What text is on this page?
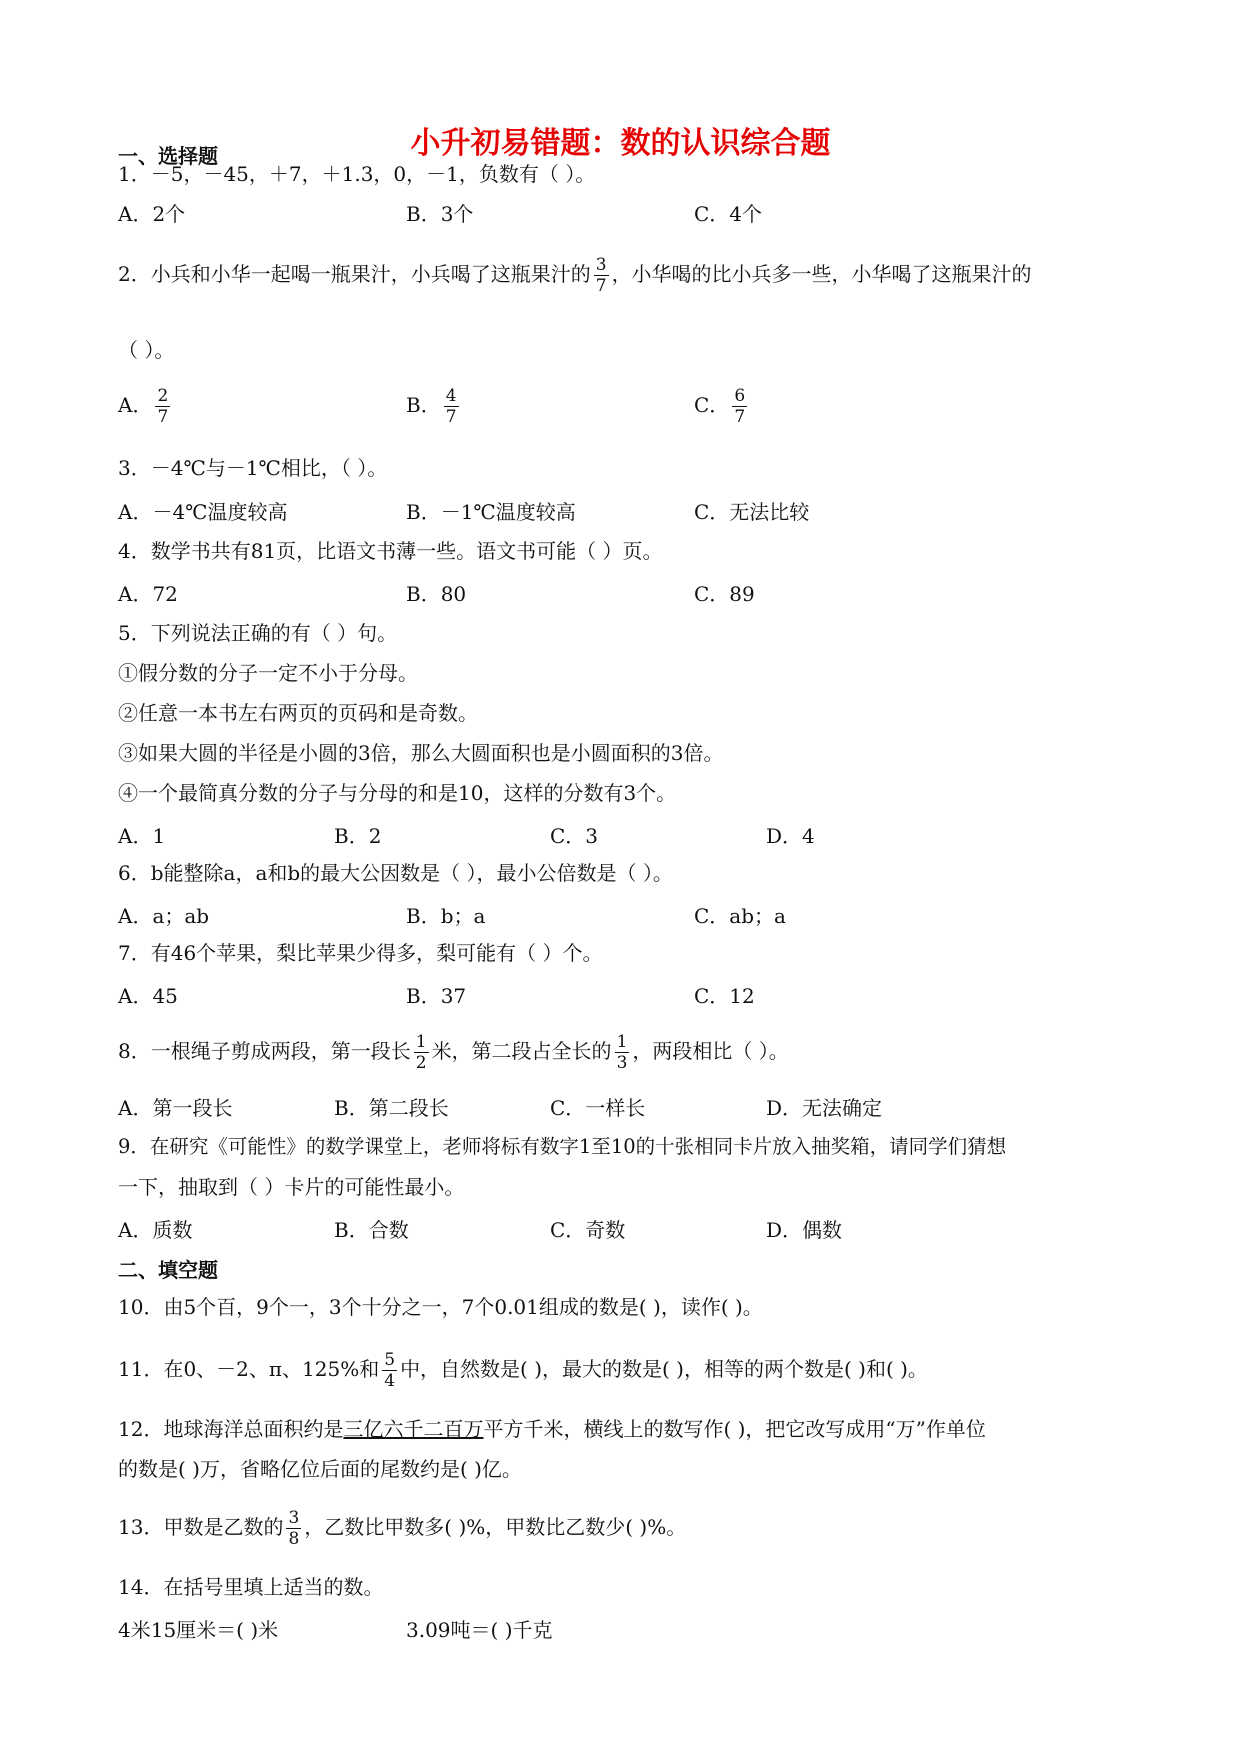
小升初易错题：数的认识综合题
一、选择题
1．－5，－45，＋7，＋1.3，0，－1，负数有（ ）。
A．2个	B．3个	C．4个
2．小兵和小华一起喝一瓶果汁，小兵喝了这瓶果汁的 $\frac{3}{7}$ ，小华喝的比小兵多一些，小华喝了这瓶果汁的
（ ）。
A． $\frac{2}{7}$	B． $\frac{4}{7}$	C． $\frac{6}{7}$
3．－4℃与－1℃相比，（ ）。
A．－4℃温度较高	B．－1℃温度较高	C．无法比较
4．数学书共有81页，比语文书薄一些。语文书可能（ ）页。
A．72	B．80	C．89
5．下列说法正确的有（ ）句。
①假分数的分子一定不小于分母。
②任意一本书左右两页的页码和是奇数。
③如果大圆的半径是小圆的3倍，那么大圆面积也是小圆面积的3倍。
④一个最简真分数的分子与分母的和是10，这样的分数有3个。
A．1	B．2	C．3	D．4
6．b能整除a，a和b的最大公因数是（ ），最小公倍数是（ ）。
A．a；ab	B．b；a	C．ab；a
7．有46个苹果，梨比苹果少得多，梨可能有（ ）个。
A．45	B．37	C．12
8．一根绳子剪成两段，第一段长 $\frac{1}{2}$ 米，第二段占全长的 $\frac{1}{3}$ ，两段相比（ ）。
A．第一段长	B．第二段长	C．一样长	D．无法确定
9．在研究《可能性》的数学课堂上，老师将标有数字1至10的十张相同卡片放入抽奖箱，请同学们猜想
一下，抽取到（ ）卡片的可能性最小。
A．质数	B．合数	C．奇数	D．偶数
二、填空题
10．由5个百，9个一，3个十分之一，7个0.01组成的数是( )，读作( )。
11．在0、－2、π、125%和 $\frac{5}{4}$ 中，自然数是( )，最大的数是( )，相等的两个数是( )和( )。
12．地球海洋总面积约是三亿六千二百万平方千米，横线上的数写作( )，把它改写成用“万”作单位
的数是( )万，省略亿位后面的尾数约是( )亿。
13．甲数是乙数的 $\frac{3}{8}$ ，乙数比甲数多( )%，甲数比乙数少( )%。
14．在括号里填上适当的数。
4米15厘米＝( )米	3.09吨＝( )千克
